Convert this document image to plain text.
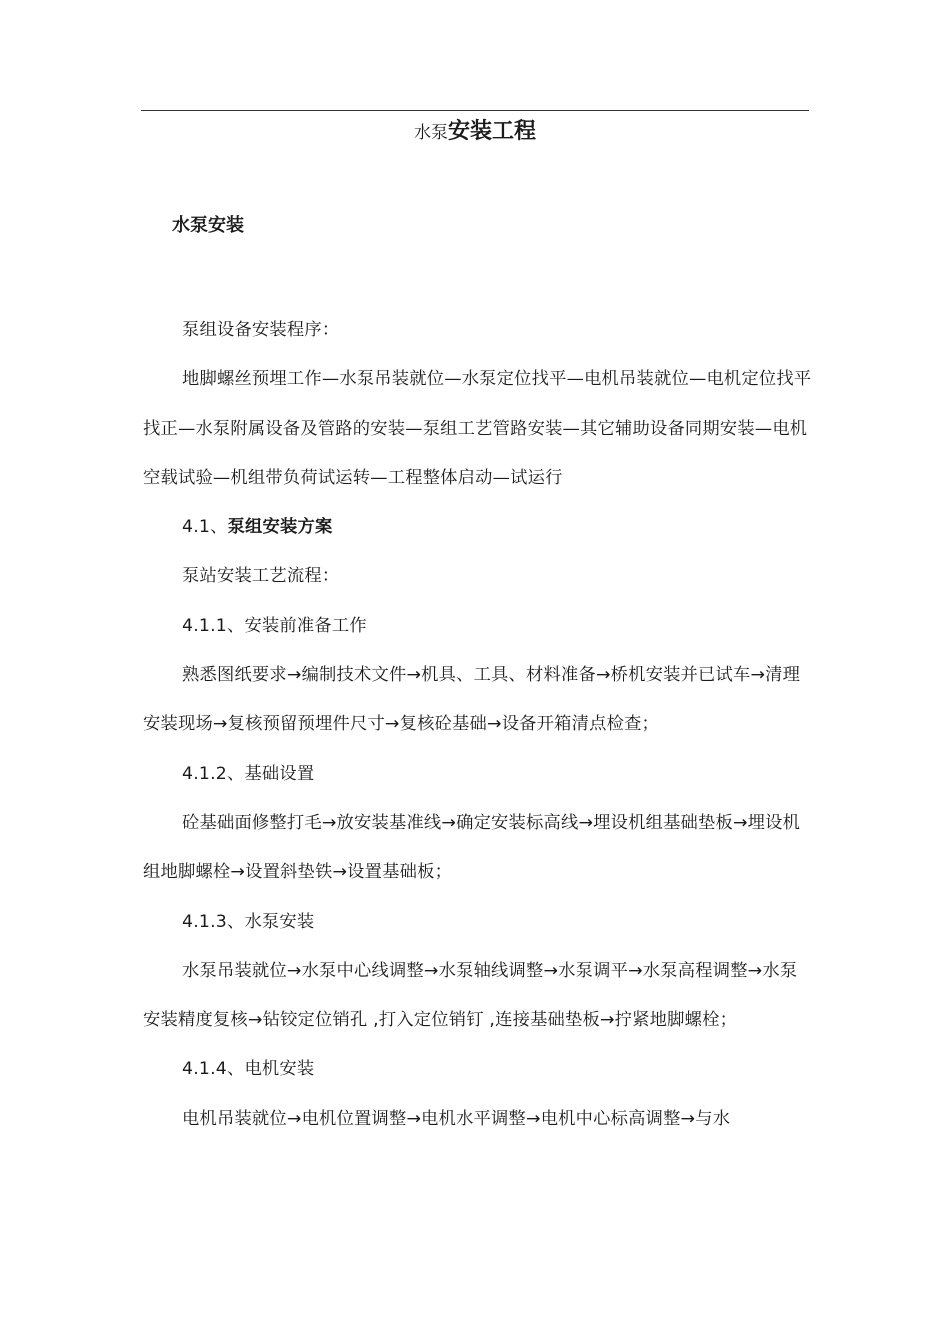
水泵安装工程
水泵安装

泵组设备安装程序：

地脚螺丝预埋工作—水泵吊装就位—水泵定位找平—电机吊装就位—电机定位找平找正—水泵附属设备及管路的安装—泵组工艺管路安装—其它辅助设备同期安装—电机空载试验—机组带负荷试运转—工程整体启动—试运行

4.1、泵组安装方案

泵站安装工艺流程：

4.1.1、安装前准备工作

熟悉图纸要求→编制技术文件→机具、工具、材料准备→桥机安装并已试车→清理安装现场→复核预留预埋件尺寸→复核砼基础→设备开箱清点检查；

4.1.2、基础设置

砼基础面修整打毛→放安装基准线→确定安装标高线→埋设机组基础垫板→埋设机组地脚螺栓→设置斜垫铁→设置基础板；

4.1.3、水泵安装

水泵吊装就位→水泵中心线调整→水泵轴线调整→水泵调平→水泵高程调整→水泵安装精度复核→钻铰定位销孔 ,打入定位销钉 ,连接基础垫板→拧紧地脚螺栓；

4.1.4、电机安装

电机吊装就位→电机位置调整→电机水平调整→电机中心标高调整→与水
